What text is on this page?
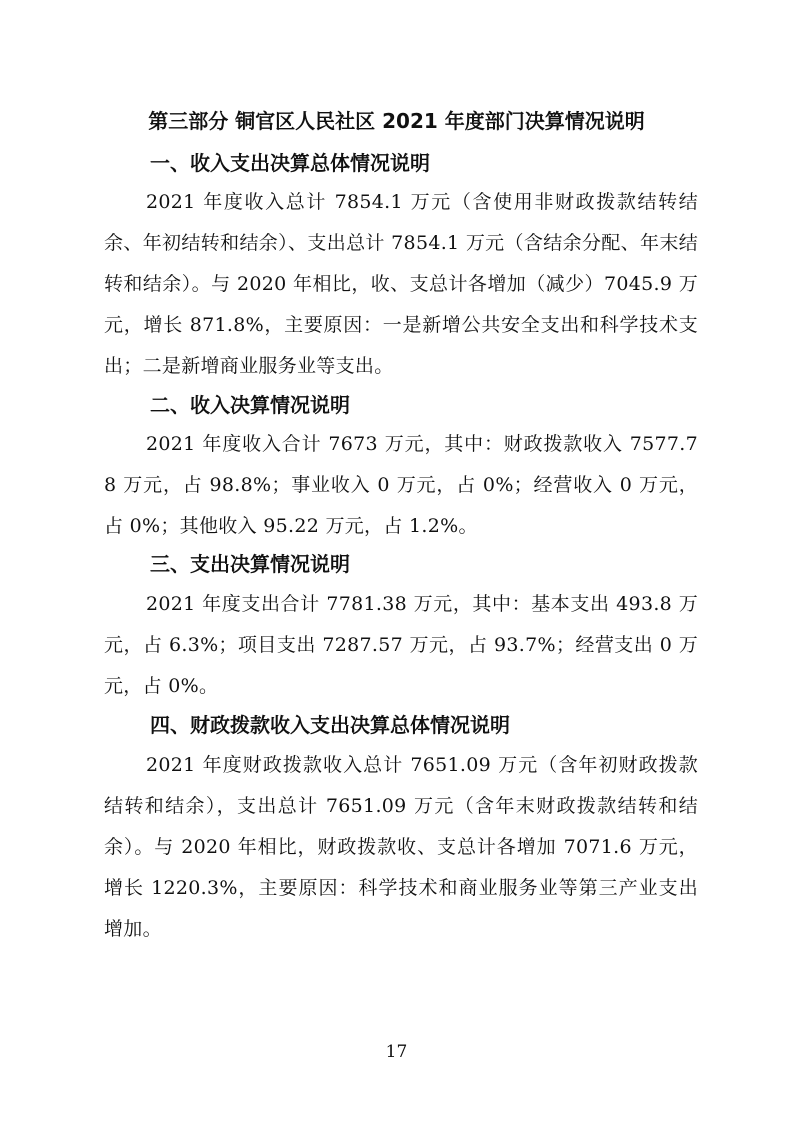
第三部分 铜官区人民社区 2021 年度部门决算情况说明
一、收入支出决算总体情况说明
2021 年度收入总计 7854.1 万元（含使用非财政拨款结转结余、年初结转和结余）、支出总计 7854.1 万元（含结余分配、年末结转和结余）。与 2020 年相比，收、支总计各增加（减少）7045.9 万元，增长 871.8%，主要原因：一是新增公共安全支出和科学技术支出；二是新增商业服务业等支出。
二、收入决算情况说明
2021 年度收入合计 7673 万元，其中：财政拨款收入 7577.78 万元，占 98.8%；事业收入 0 万元，占 0%；经营收入 0 万元，占 0%；其他收入 95.22 万元，占 1.2%。
三、支出决算情况说明
2021 年度支出合计 7781.38 万元，其中：基本支出 493.8 万元，占 6.3%；项目支出 7287.57 万元，占 93.7%；经营支出 0 万元，占 0%。
四、财政拨款收入支出决算总体情况说明
2021 年度财政拨款收入总计 7651.09 万元（含年初财政拨款结转和结余），支出总计 7651.09 万元（含年末财政拨款结转和结余）。与 2020 年相比，财政拨款收、支总计各增加 7071.6 万元，增长 1220.3%，主要原因：科学技术和商业服务业等第三产业支出增加。
17
